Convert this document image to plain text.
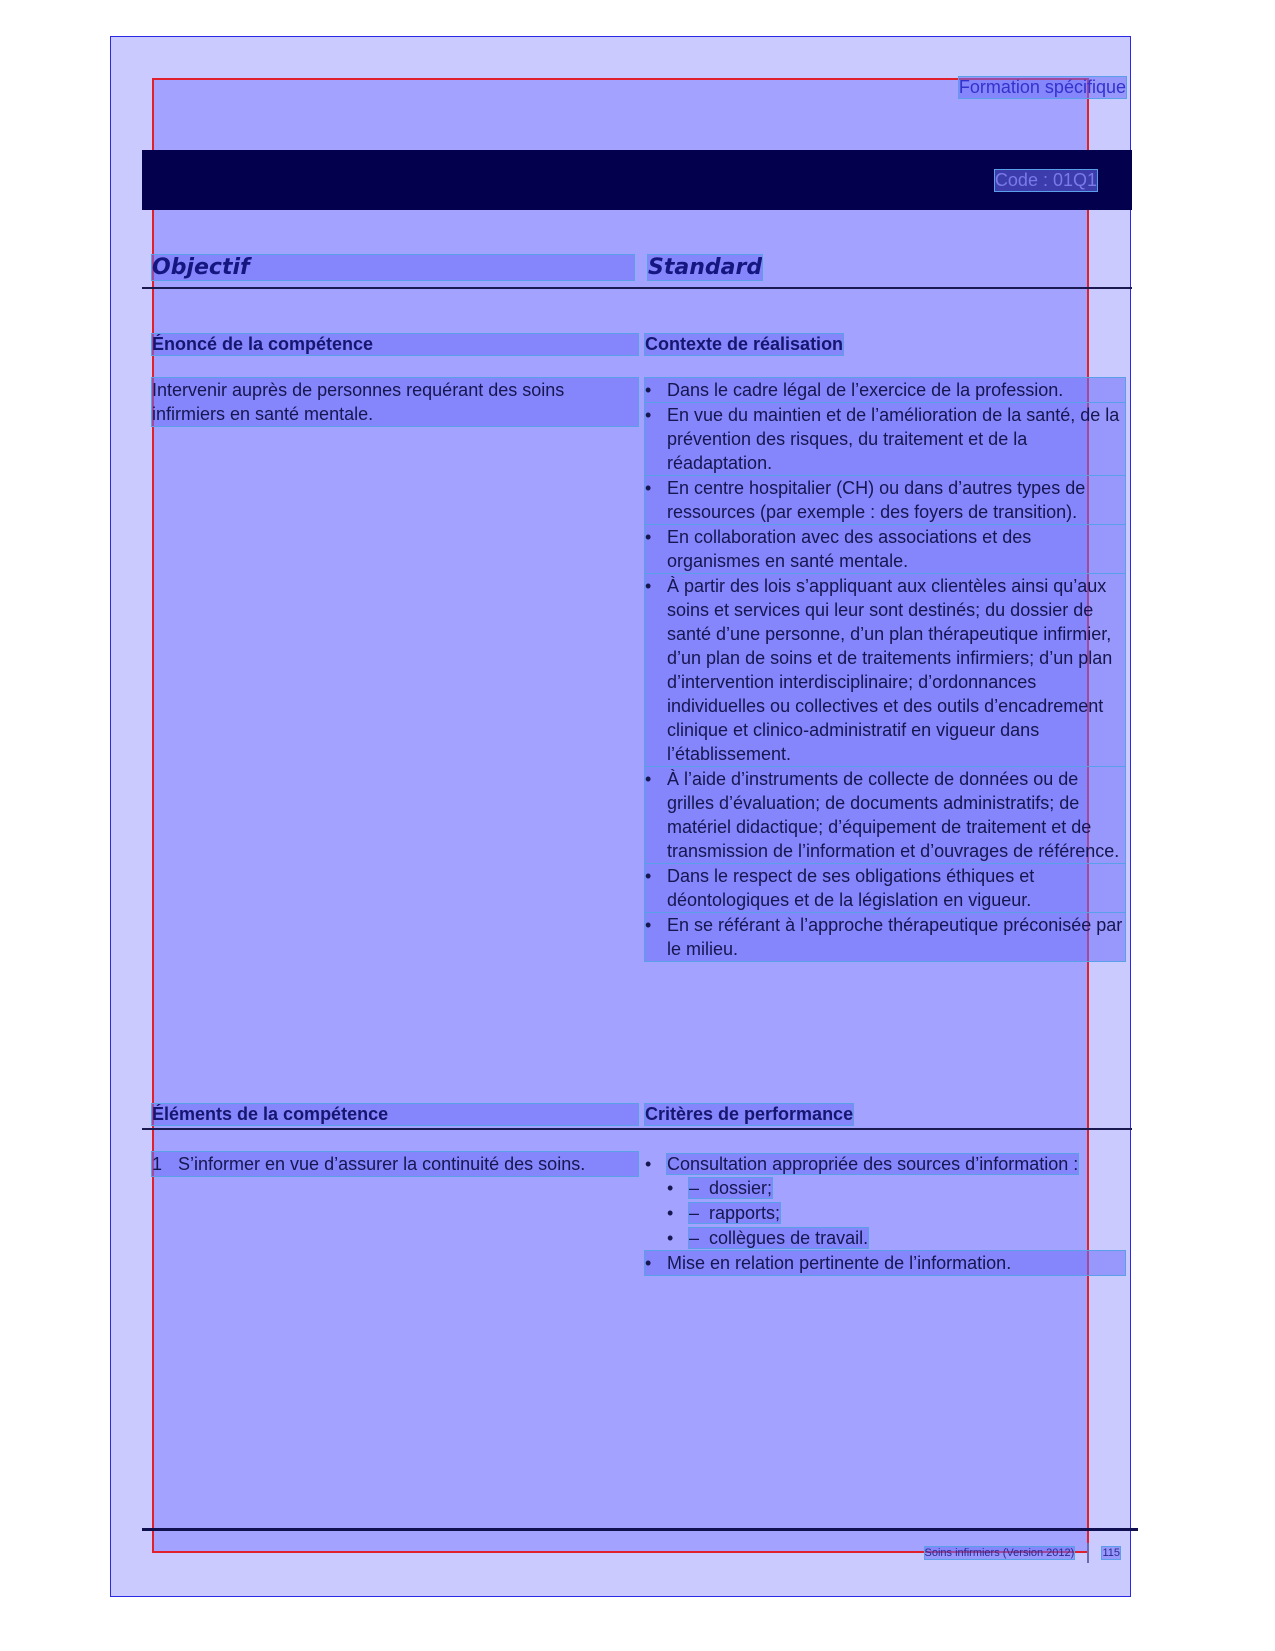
Formation spécifique
Code : 01Q1
Objectif	Standard
Énoncé de la compétence	Contexte de réalisation
Intervenir auprès de personnes requérant des soins infirmiers en santé mentale.
• Dans le cadre légal de l’exercice de la profession.
• En vue du maintien et de l’amélioration de la santé, de la prévention des risques, du traitement et de la réadaptation.
• En centre hospitalier (CH) ou dans d’autres types de ressources (par exemple : des foyers de transition).
• En collaboration avec des associations et des organismes en santé mentale.
• À partir des lois s’appliquant aux clientèles ainsi qu’aux soins et services qui leur sont destinés; du dossier de santé d’une personne, d’un plan thérapeutique infirmier, d’un plan de soins et de traitements infirmiers; d’un plan d’intervention interdisciplinaire; d’ordonnances individuelles ou collectives et des outils d’encadrement clinique et clinico-administratif en vigueur dans l’établissement.
• À l’aide d’instruments de collecte de données ou de grilles d’évaluation; de documents administratifs; de matériel didactique; d’équipement de traitement et de transmission de l’information et d’ouvrages de référence.
• Dans le respect de ses obligations éthiques et déontologiques et de la législation en vigueur.
• En se référant à l’approche thérapeutique préconisée par le milieu.
Éléments de la compétence	Critères de performance
1 S’informer en vue d’assurer la continuité des soins.
•	Consultation appropriée des sources d’information :
• –  dossier;
• –  rapports;
• –  collègues de travail.
• Mise en relation pertinente de l’information.
Soins infirmiers (Version 2012)	115
